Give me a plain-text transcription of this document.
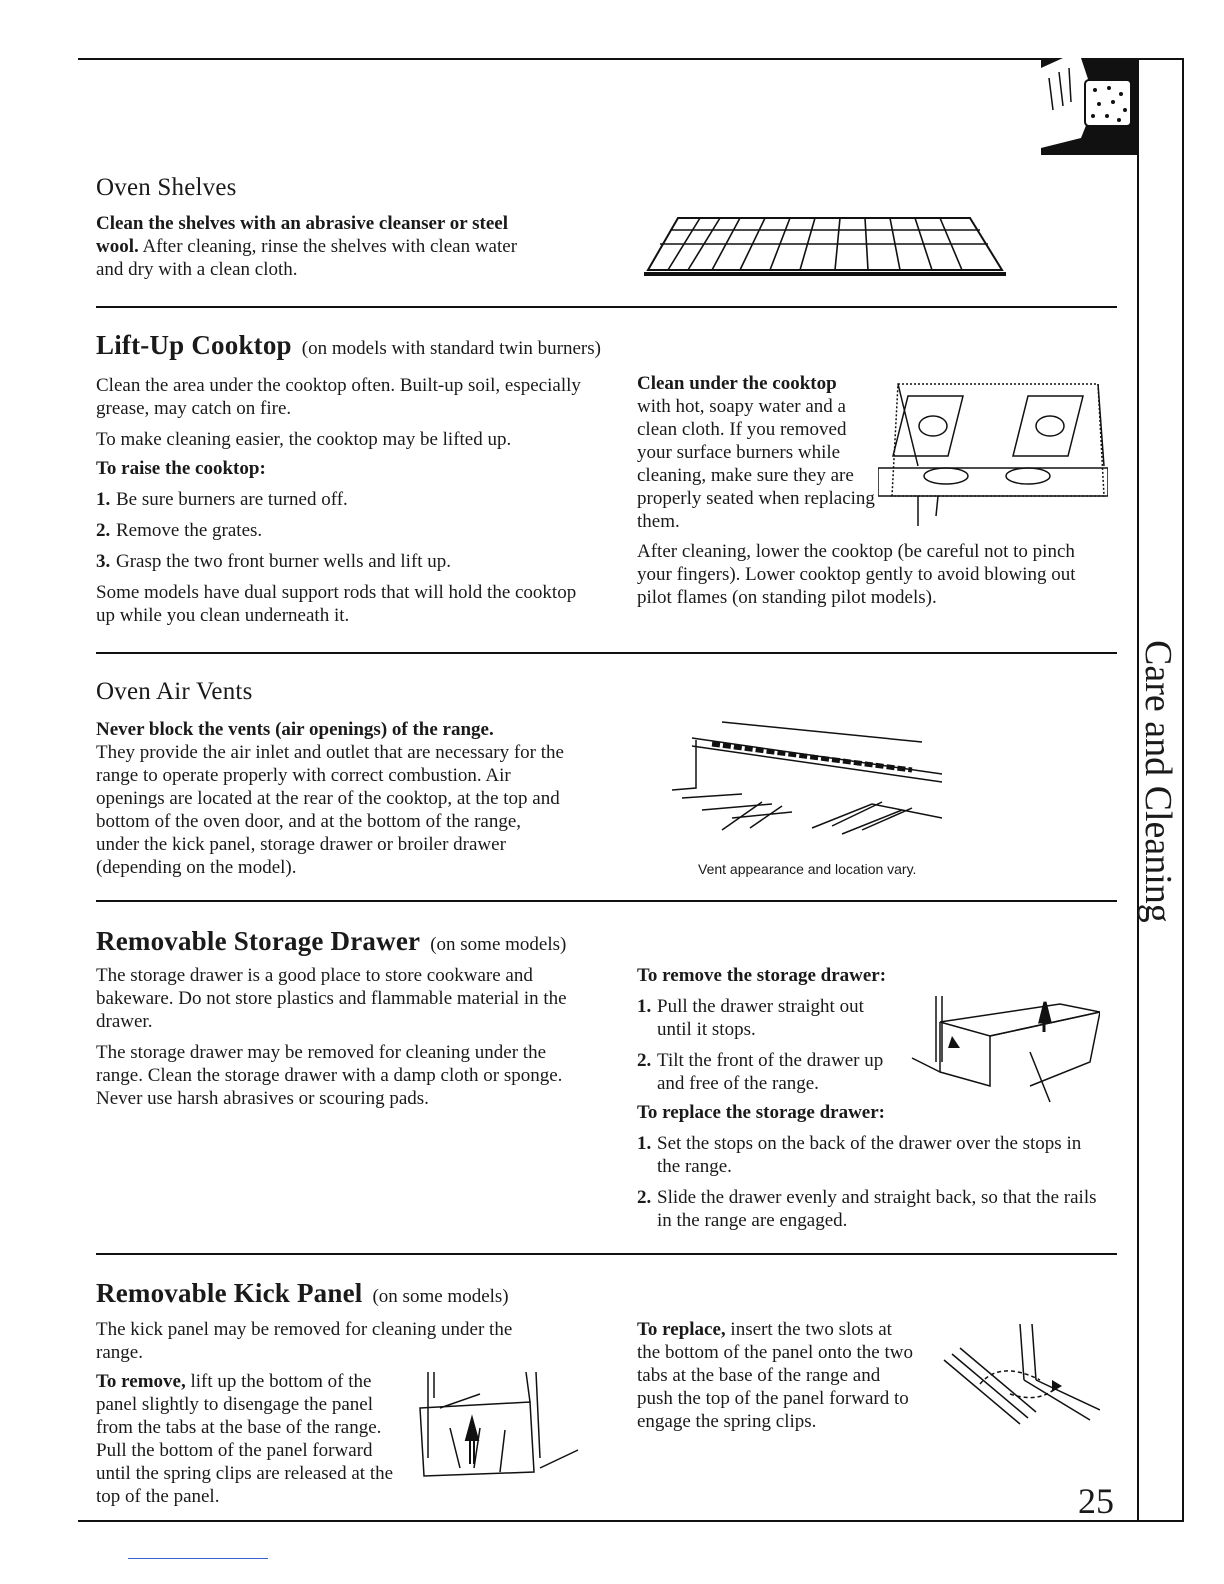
Care and Cleaning
Oven Shelves

Clean the shelves with an abrasive cleanser or steel wool. After cleaning, rinse the shelves with clean water and dry with a clean cloth.

Lift-Up Cooktop (on models with standard twin burners)

Clean the area under the cooktop often. Built-up soil, especially grease, may catch on fire.

To make cleaning easier, the cooktop may be lifted up.

To raise the cooktop:

1. Be sure burners are turned off.
2. Remove the grates.
3. Grasp the two front burner wells and lift up.

Some models have dual support rods that will hold the cooktop up while you clean underneath it.

Clean under the cooktop
with hot, soapy water and a clean cloth. If you removed your surface burners while cleaning, make sure they are properly seated when replacing them.

After cleaning, lower the cooktop (be careful not to pinch your fingers). Lower cooktop gently to avoid blowing out pilot flames (on standing pilot models).

Oven Air Vents

Never block the vents (air openings) of the range.
They provide the air inlet and outlet that are necessary for the range to operate properly with correct combustion. Air openings are located at the rear of the cooktop, at the top and bottom of the oven door, and at the bottom of the range, under the kick panel, storage drawer or broiler drawer (depending on the model).	Vent appearance and location vary.
Removable Storage Drawer (on some models)

The storage drawer is a good place to store cookware and bakeware. Do not store plastics and flammable material in the drawer.

The storage drawer may be removed for cleaning under the range. Clean the storage drawer with a damp cloth or sponge. Never use harsh abrasives or scouring pads.

To remove the storage drawer:

1. Pull the drawer straight out until it stops.
2. Tilt the front of the drawer up and free of the range.

To replace the storage drawer:

1. Set the stops on the back of the drawer over the stops in the range.
2. Slide the drawer evenly and straight back, so that the rails in the range are engaged.
Removable Kick Panel (on some models)

The kick panel may be removed for cleaning under the range.

To remove, lift up the bottom of the panel slightly to disengage the panel from the tabs at the base of the range. Pull the bottom of the panel forward until the spring clips are released at the top of the panel.

To replace, insert the two slots at the bottom of the panel onto the two tabs at the base of the range and push the top of the panel forward to engage the spring clips.

25
